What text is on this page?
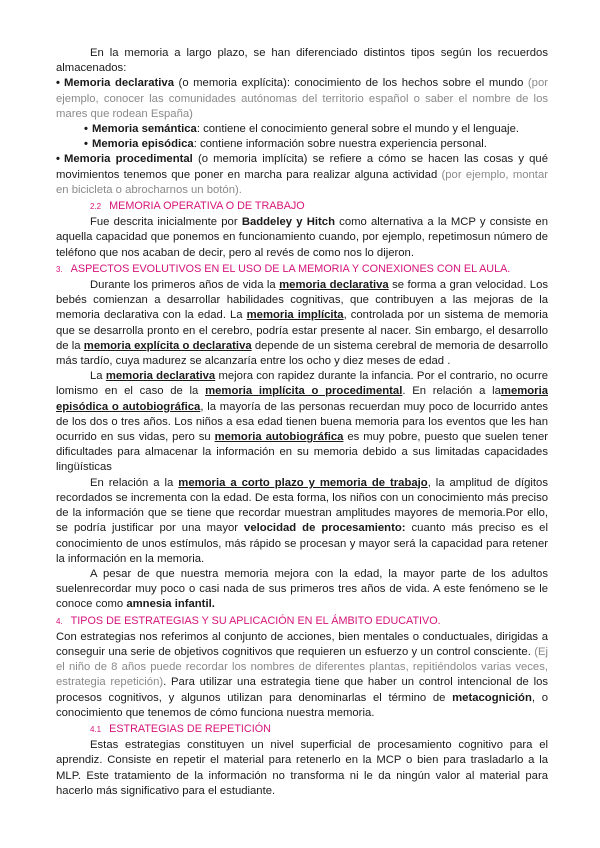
En la memoria a largo plazo, se han diferenciado distintos tipos según los recuerdos almacenados:

• Memoria declarativa (o memoria explícita): conocimiento de los hechos sobre el mundo (por ejemplo, conocer las comunidades autónomas del territorio español o saber el nombre de los mares que rodean España)

• Memoria semántica: contiene el conocimiento general sobre el mundo y el lenguaje.

• Memoria episódica: contiene información sobre nuestra experiencia personal.

• Memoria procedimental (o memoria implícita) se refiere a cómo se hacen las cosas y qué movimientos tenemos que poner en marcha para realizar alguna actividad (por ejemplo, montar en bicicleta o abrocharnos un botón).

2.2 MEMORIA OPERATIVA O DE TRABAJO

Fue descrita inicialmente por Baddeley y Hitch como alternativa a la MCP y consiste en aquella capacidad que ponemos en funcionamiento cuando, por ejemplo, repetimosun número de teléfono que nos acaban de decir, pero al revés de como nos lo dijeron.

3. ASPECTOS EVOLUTIVOS EN EL USO DE LA MEMORIA Y CONEXIONES CON EL AULA.

Durante los primeros años de vida la memoria declarativa se forma a gran velocidad. Los bebés comienzan a desarrollar habilidades cognitivas, que contribuyen a las mejoras de la memoria declarativa con la edad. La memoria implícita, controlada por un sistema de memoria que se desarrolla pronto en el cerebro, podría estar presente al nacer. Sin embargo, el desarrollo de la memoria explícita o declarativa depende de un sistema cerebral de memoria de desarrollo más tardío, cuya madurez se alcanzaría entre los ocho y diez meses de edad .

La memoria declarativa mejora con rapidez durante la infancia. Por el contrario, no ocurre lomismo en el caso de la memoria implícita o procedimental. En relación a lamemoria episódica o autobiográfica, la mayoría de las personas recuerdan muy poco de locurrido antes de los dos o tres años. Los niños a esa edad tienen buena memoria para los eventos que les han ocurrido en sus vidas, pero su memoria autobiográfica es muy pobre, puesto que suelen tener dificultades para almacenar la información en su memoria debido a sus limitadas capacidades lingüísticas

En relación a la memoria a corto plazo y memoria de trabajo, la amplitud de dígitos recordados se incrementa con la edad. De esta forma, los niños con un conocimiento más preciso de la información que se tiene que recordar muestran amplitudes mayores de memoria.Por ello, se podría justificar por una mayor velocidad de procesamiento: cuanto más preciso es el conocimiento de unos estímulos, más rápido se procesan y mayor será la capacidad para retener la información en la memoria.

A pesar de que nuestra memoria mejora con la edad, la mayor parte de los adultos suelenrecordar muy poco o casi nada de sus primeros tres años de vida. A este fenómeno se le conoce como amnesia infantil.

4. TIPOS DE ESTRATEGIAS Y SU APLICACIÓN EN EL ÁMBITO EDUCATIVO.

Con estrategias nos referimos al conjunto de acciones, bien mentales o conductuales, dirigidas a conseguir una serie de objetivos cognitivos que requieren un esfuerzo y un control consciente. (Ej el niño de 8 años puede recordar los nombres de diferentes plantas, repitiéndolos varias veces, estrategia repetición). Para utilizar una estrategia tiene que haber un control intencional de los procesos cognitivos, y algunos utilizan para denominarlas el término de metacognición, o conocimiento que tenemos de cómo funciona nuestra memoria.

4.1 ESTRATEGIAS DE REPETICIÓN

Estas estrategias constituyen un nivel superficial de procesamiento cognitivo para el aprendiz. Consiste en repetir el material para retenerlo en la MCP o bien para trasladarlo a la MLP. Este tratamiento de la información no transforma ni le da ningún valor al material para hacerlo más significativo para el estudiante.
